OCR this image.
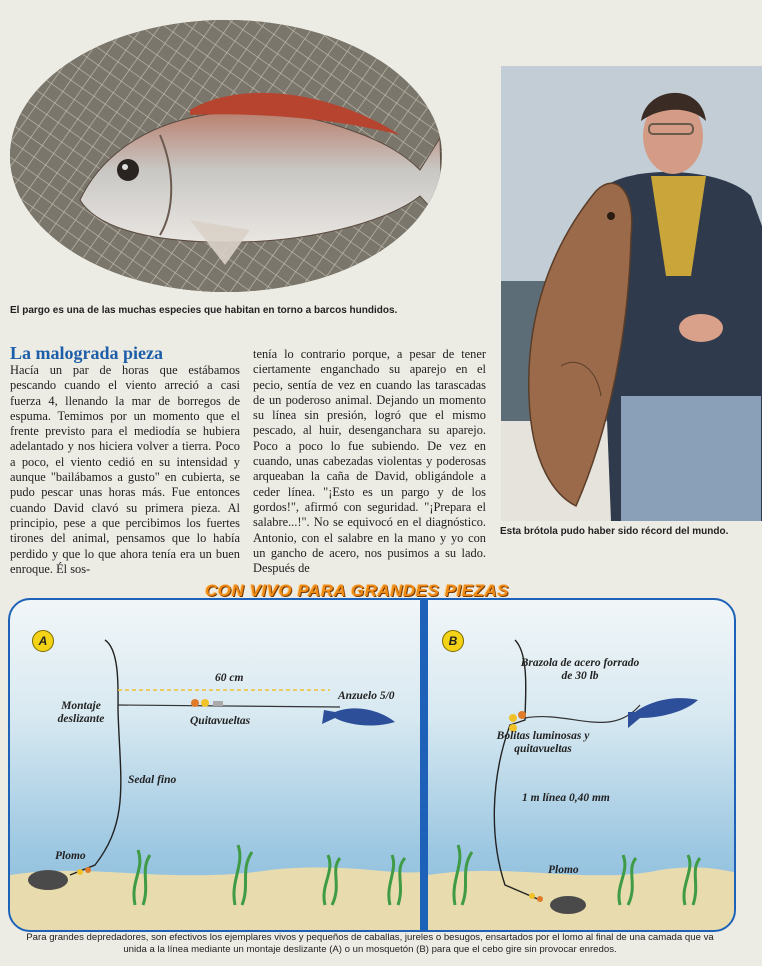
El pargo es una de las muchas especies que habitan en torno a barcos hundidos.
Esta brótola pudo haber sido récord del mundo.
La malograda pieza
Hacía un par de horas que estábamos pescando cuando el viento arreció a casi fuerza 4, llenando la mar de borregos de espuma. Temimos por un momento que el frente previsto para el mediodía se hubiera adelantado y nos hiciera volver a tierra. Poco a poco, el viento cedió en su intensidad y aunque "bailábamos a gusto" en cubierta, se pudo pescar unas horas más. Fue entonces cuando David clavó su primera pieza. Al principio, pese a que percibimos los fuertes tirones del animal, pensamos que lo había perdido y que lo que ahora tenía era un buen enroque. Él sos-
tenía lo contrario porque, a pesar de tener ciertamente enganchado su aparejo en el pecio, sentía de vez en cuando las tarascadas de un poderoso animal. Dejando un momento su línea sin presión, logró que el mismo pescado, al huir, desenganchara su aparejo. Poco a poco lo fue subiendo. De vez en cuando, unas cabezadas violentas y poderosas arqueaban la caña de David, obligándole a ceder línea. "¡Esto es un pargo y de los gordos!", afirmó con seguridad. "¡Prepara el salabre...!". No se equivocó en el diagnóstico. Antonio, con el salabre en la mano y yo con un gancho de acero, nos pusimos a su lado. Después de
A	B
60 cm
Anzuelo 5/0
Montaje deslizante	Quitavueltas
Sedal fino
Plomo
Brazola de acero forrado de 30 lb
Bolitas luminosas y quitavueltas
1 m línea 0,40 mm
Plomo
CON VIVO PARA GRANDES PIEZAS
Para grandes depredadores, son efectivos los ejemplares vivos y pequeños de caballas, jureles o besugos, ensartados por el lomo al final de una camada que va unida a la línea mediante un montaje deslizante (A) o un mosquetón (B) para que el cebo gire sin provocar enredos.
